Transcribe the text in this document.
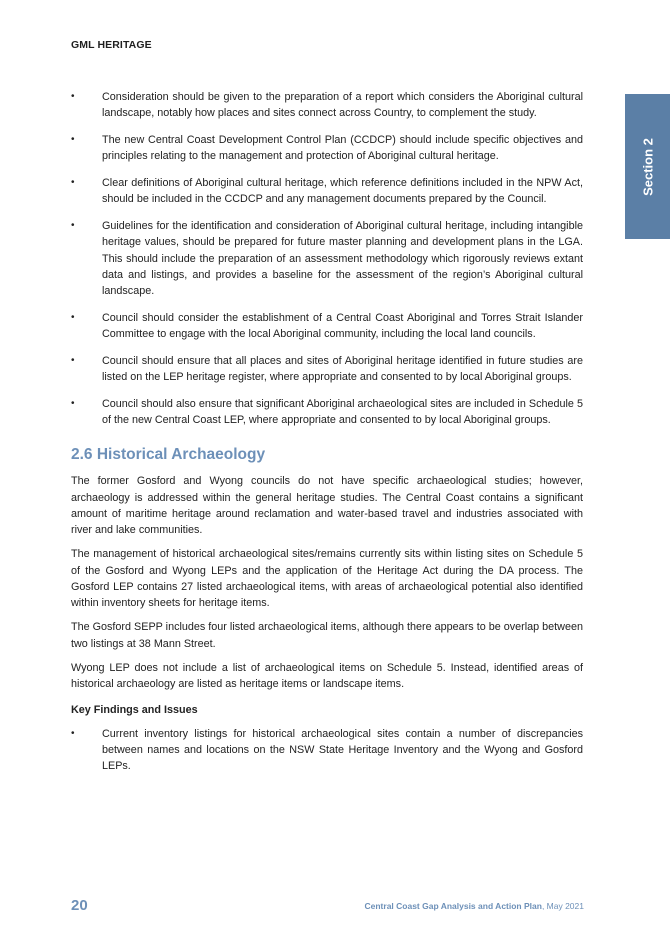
GML HERITAGE
Section 2
•	Consideration should be given to the preparation of a report which considers the Aboriginal cultural landscape, notably how places and sites connect across Country, to complement the study.
•	The new Central Coast Development Control Plan (CCDCP) should include specific objectives and principles relating to the management and protection of Aboriginal cultural heritage.
•	Clear definitions of Aboriginal cultural heritage, which reference definitions included in the NPW Act, should be included in the CCDCP and any management documents prepared by the Council.
•	Guidelines for the identification and consideration of Aboriginal cultural heritage, including intangible heritage values, should be prepared for future master planning and development plans in the LGA. This should include the preparation of an assessment methodology which rigorously reviews extant data and listings, and provides a baseline for the assessment of the region’s Aboriginal cultural landscape.
•	Council should consider the establishment of a Central Coast Aboriginal and Torres Strait Islander Committee to engage with the local Aboriginal community, including the local land councils.
•	Council should ensure that all places and sites of Aboriginal heritage identified in future studies are listed on the LEP heritage register, where appropriate and consented to by local Aboriginal groups.
•	Council should also ensure that significant Aboriginal archaeological sites are included in Schedule 5 of the new Central Coast LEP, where appropriate and consented to by local Aboriginal groups.
2.6 Historical Archaeology

The former Gosford and Wyong councils do not have specific archaeological studies; however, archaeology is addressed within the general heritage studies. The Central Coast contains a significant amount of maritime heritage around reclamation and water-based travel and industries associated with river and lake communities.

The management of historical archaeological sites/remains currently sits within listing sites on Schedule 5 of the Gosford and Wyong LEPs and the application of the Heritage Act during the DA process. The Gosford LEP contains 27 listed archaeological items, with areas of archaeological potential also identified within inventory sheets for heritage items.

The Gosford SEPP includes four listed archaeological items, although there appears to be overlap between two listings at 38 Mann Street.

Wyong LEP does not include a list of archaeological items on Schedule 5. Instead, identified areas of historical archaeology are listed as heritage items or landscape items.

Key Findings and Issues
•	Current inventory listings for historical archaeological sites contain a number of discrepancies between names and locations on the NSW State Heritage Inventory and the Wyong and Gosford LEPs.
20	Central Coast Gap Analysis and Action Plan, May 2021
